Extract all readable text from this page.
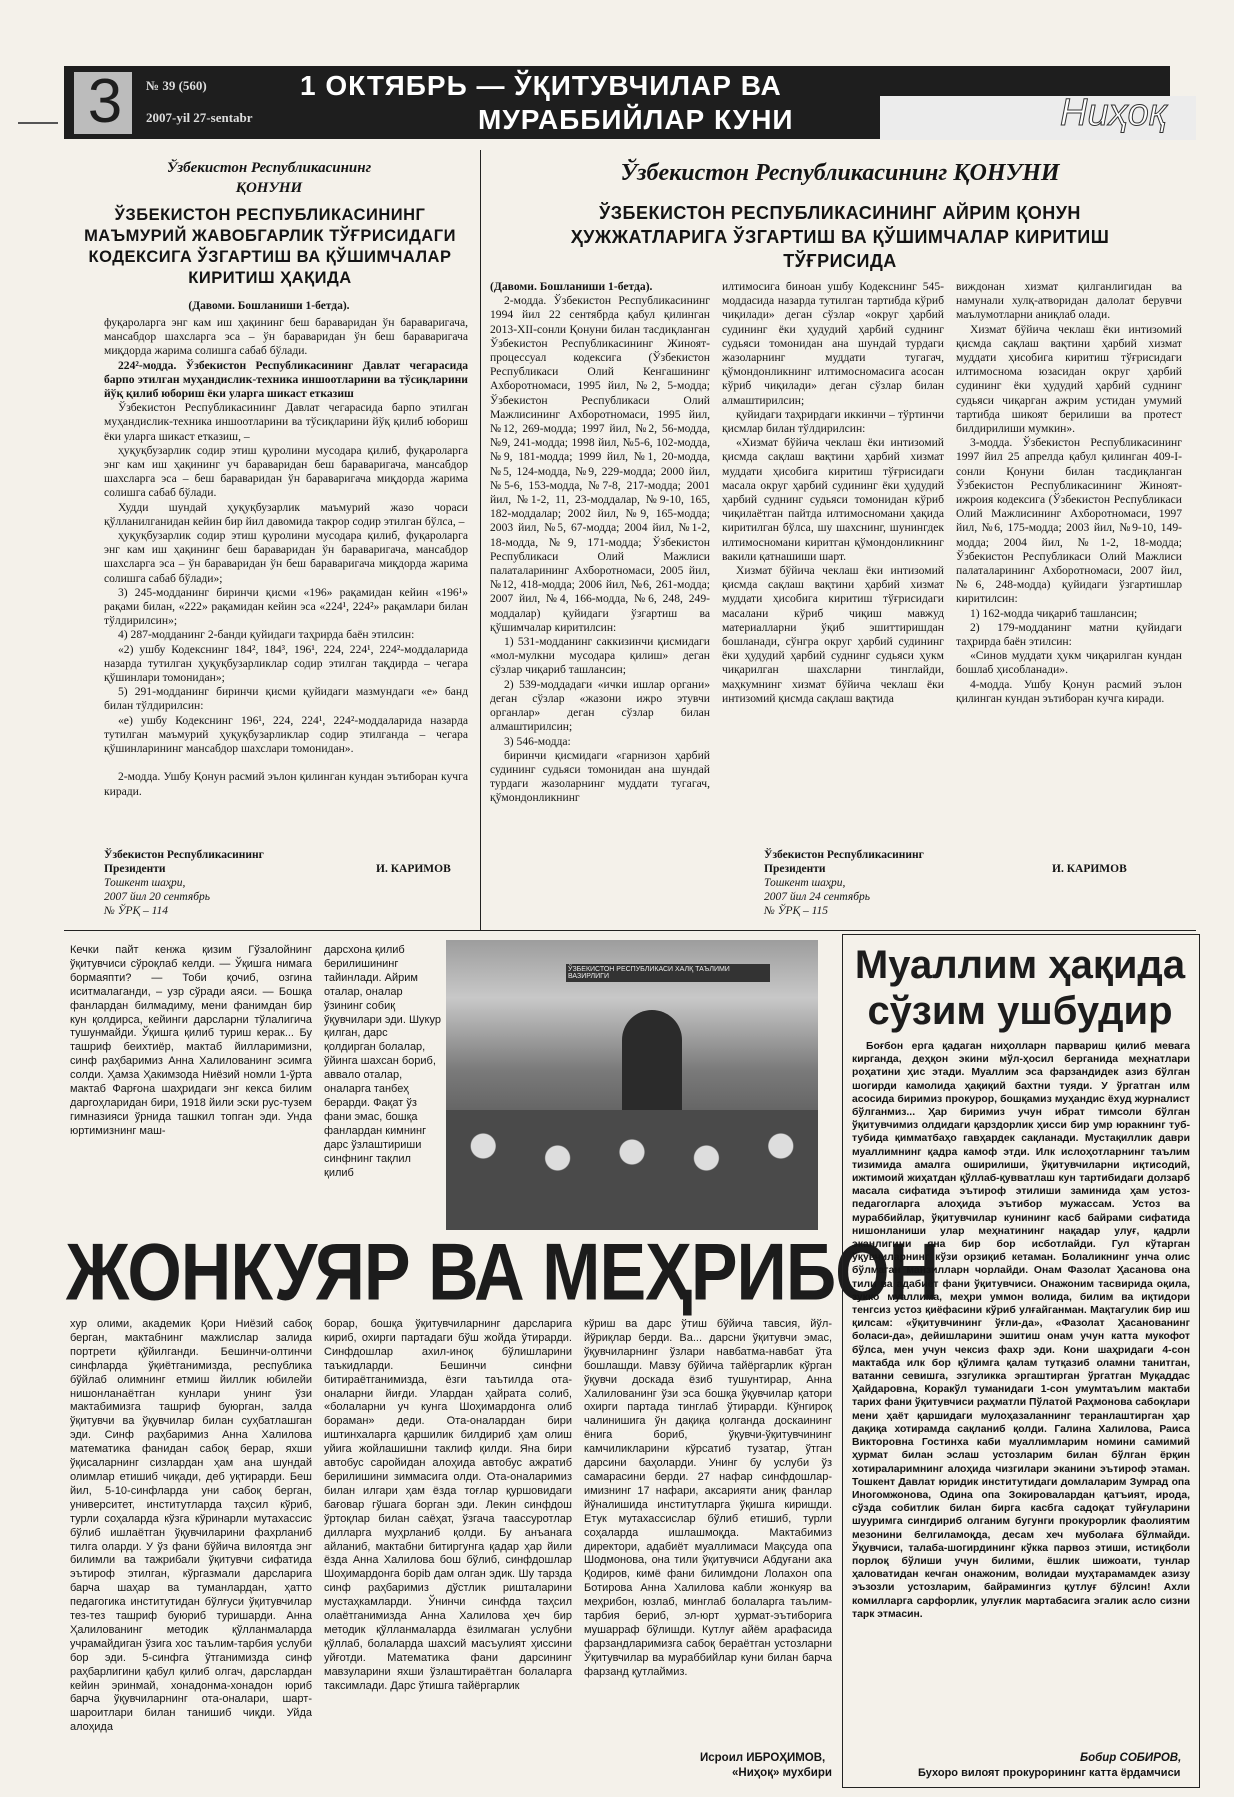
3	№ 39 (560)
2007-yil 27-sentabr
1 ОКТЯБРЬ — ЎҚИТУВЧИЛАР ВА
МУРАББИЙЛАР КУНИ	Ниҳоқ
Ўзбекистон Республикасининг
ҚОНУНИ
ЎЗБЕКИСТОН РЕСПУБЛИКАСИНИНГ МАЪМУРИЙ ЖАВОБГАРЛИК ТЎҒРИСИДАГИ КОДЕКСИГА ЎЗГАРТИШ ВА ҚЎШИМЧАЛАР КИРИТИШ ҲАҚИДА
(Давоми. Бошланиши 1-бетда).

фуқароларга энг кам иш ҳақининг беш бараваридан ўн бараваригача, мансабдор шахсларга эса – ўн бараваридан ўн беш бараваригача миқдорда жарима солишга сабаб бўлади.

224²-модда. Ўзбекистон Республикасининг Давлат чегарасида барпо этилган муҳандислик-техника иншоотларини ва тўсиқларини йўқ қилиб юбориш ёки уларга шикаст етказиш

Ўзбекистон Республикасининг Давлат чегарасида барпо этилган муҳандислик-техника иншоотларини ва тўсиқларини йўқ қилиб юбориш ёки уларга шикаст етказиш, –

ҳуқуқбузарлик содир этиш қуролини мусодара қилиб, фуқароларга энг кам иш ҳақининг уч бараваридан беш бараваригача, мансабдор шахсларга эса – беш бараваридан ўн бараваригача миқдорда жарима солишга сабаб бўлади.

Худди шундай ҳуқуқбузарлик маъмурий жазо чораси қўлланилганидан кейин бир йил давомида такрор содир этилган бўлса, –

ҳуқуқбузарлик содир этиш қуролини мусодара қилиб, фуқароларга энг кам иш ҳақининг беш бараваридан ўн бараваригача, мансабдор шахсларга эса – ўн бараваридан ўн беш бараваригача миқдорда жарима солишга сабаб бўлади»;

3) 245-модданинг биринчи қисми «196» рақамидан кейин «196¹» рақами билан, «222» рақамидан кейин эса «224¹, 224²» рақамлари билан тўлдирилсин»;

4) 287-модданинг 2-банди қуйидаги таҳрирда баён этилсин:

«2) ушбу Кодекснинг 184², 184³, 196¹, 224, 224¹, 224²-моддаларида назарда тутилган ҳуқуқбузарликлар содир этилган тақдирда – чегара қўшинлари томонидан»;

5) 291-модданинг биринчи қисми қуйидаги мазмундаги «е» банд билан тўлдирилсин:

«е) ушбу Кодекснинг 196¹, 224, 224¹, 224²-моддаларида назарда тутилган маъмурий ҳуқуқбузарликлар содир этилганда – чегара қўшинларининг мансабдор шахслари томонидан».

2-модда. Ушбу Қонун расмий эълон қилинган кундан эътиборан кучга киради.

Ўзбекистон Республикасининг
Президенти	И. КАРИМОВ
Тошкент шаҳри,
2007 йил 20 сентябрь
№ ЎРҚ – 114
Ўзбекистон Республикасининг ҚОНУНИ
ЎЗБЕКИСТОН РЕСПУБЛИКАСИНИНГ АЙРИМ ҚОНУН
ҲУЖЖАТЛАРИГА ЎЗГАРТИШ ВА ҚЎШИМЧАЛАР КИРИТИШ
ТЎҒРИСИДА

(Давоми. Бошланиши 1-бетда).

2-модда. Ўзбекистон Республикасининг 1994 йил 22 сентябрда қабул қилинган 2013-XII-сонли Қонуни билан тасдиқланган Ўзбекистон Республикасининг Жиноят-процессуал кодексига (Ўзбекистон Республикаси Олий Кенгашининг Ахборотномаси, 1995 йил, №2, 5-модда; Ўзбекистон Республикаси Олий Мажлисининг Ахборотномаси, 1995 йил, №12, 269-модда; 1997 йил, №2, 56-модда, №9, 241-модда; 1998 йил, №5-6, 102-модда, №9, 181-модда; 1999 йил, №1, 20-модда, №5, 124-модда, №9, 229-модда; 2000 йил, №5-6, 153-модда, №7-8, 217-модда; 2001 йил, №1-2, 11, 23-моддалар, №9-10, 165, 182-моддалар; 2002 йил, №9, 165-модда; 2003 йил, №5, 67-модда; 2004 йил, №1-2, 18-модда, №9, 171-модда; Ўзбекистон Республикаси Олий Мажлиси палаталарининг Ахборотномаси, 2005 йил, №12, 418-модда; 2006 йил, №6, 261-модда; 2007 йил, №4, 166-модда, №6, 248, 249-моддалар) қуйидаги ўзгартиш ва қўшимчалар киритилсин:

1) 531-модданинг саккизинчи қисмидаги «мол-мулкни мусодара қилиш» деган сўзлар чиқариб ташлансин;

2) 539-моддадаги «ички ишлар органи» деган сўзлар «жазони ижро этувчи органлар» деган сўзлар билан алмаштирилсин;

3) 546-модда:

биринчи қисмидаги «гарнизон ҳарбий судининг судьяси томонидан ана шундай турдаги жазоларнинг муддати тугагач, қўмондонликнинг

илтимосига биноан ушбу Кодекснинг 545-моддасида назарда тутилган тартибда кўриб чиқилади» деган сўзлар «округ ҳарбий судининг ёки ҳудудий ҳарбий суднинг судьяси томонидан ана шундай турдаги жазоларнинг муддати тугагач, қўмондонликнинг илтимосномасига асосан кўриб чиқилади» деган сўзлар билан алмаштирилсин;

қуйидаги таҳрирдаги иккинчи – тўртинчи қисмлар билан тўлдирилсин:

«Хизмат бўйича чеклаш ёки интизомий қисмда сақлаш вақтини ҳарбий хизмат муддати ҳисобига киритиш тўғрисидаги масала округ ҳарбий судининг ёки ҳудудий ҳарбий суднинг судьяси томонидан кўриб чиқилаётган пайтда илтимосномани ҳақида киритилган бўлса, шу шахснинг, шунингдек илтимосномани киритган қўмондонликнинг вакили қатнашиши шарт.

Хизмат бўйича чеклаш ёки интизомий қисмда сақлаш вақтини ҳарбий хизмат муддати ҳисобига киритиш тўғрисидаги масалани кўриб чиқиш мавжуд материалларни ўқиб эшиттиришдан бошланади, сўнгра округ ҳарбий судининг ёки ҳудудий ҳарбий суднинг судьяси ҳукм чиқарилган шахсларни тинглайди, маҳкумнинг хизмат бўйича чеклаш ёки интизомий қисмда сақлаш вақтида

виждонан хизмат қилганлигидан ва намунали хулқ-атворидан далолат берувчи маълумотларни аниқлаб олади.

Хизмат бўйича чеклаш ёки интизомий қисмда сақлаш вақтини ҳарбий хизмат муддати ҳисобига киритиш тўғрисидаги илтимоснома юзасидан округ ҳарбий судининг ёки ҳудудий ҳарбий суднинг судьяси чиқарган ажрим устидан умумий тартибда шикоят берилиши ва протест билдирилиши мумкин».

3-модда. Ўзбекистон Республикасининг 1997 йил 25 апрелда қабул қилинган 409-I-сонли Қонуни билан тасдиқланган Ўзбекистон Республикасининг Жиноят-ижроия кодексига (Ўзбекистон Республикаси Олий Мажлисининг Ахборотномаси, 1997 йил, №6, 175-модда; 2003 йил, №9-10, 149-модда; 2004 йил, №1-2, 18-модда; Ўзбекистон Республикаси Олий Мажлиси палаталарининг Ахборотномаси, 2007 йил, №6, 248-модда) қуйидаги ўзгартишлар киритилсин:

1) 162-модда чиқариб ташлансин;

2) 179-модданинг матни қуйидаги таҳрирда баён этилсин:

«Синов муддати ҳукм чиқарилган кундан бошлаб ҳисобланади».

4-модда. Ушбу Қонун расмий эълон қилинган кундан эътиборан кучга киради.

Ўзбекистон Республикасининг
Президенти	И. КАРИМОВ
Тошкент шаҳри,
2007 йил 24 сентябрь
№ ЎРҚ – 115
Кечки пайт кенжа қизим Гўзалойнинг ўқитувчиси сўроқлаб келди. — Ўқишга нимага бормаяпти? — Тоби қочиб, озгина иситмалаганди, – узр сўради аяси. — Бошқа фанлардан билмадиму, мени фанимдан бир кун қолдирса, кейинги дарсларни тўлалигича тушунмайди. Ўқишга қилиб туриш керак... Бу ташриф беихтиёр, мактаб йилларимизни, синф раҳбаримиз Анна Халилованинг эсимга солди. Ҳамза Ҳакимзода Ниёзий номли 1-ўрта мактаб Фарғона шаҳридаги энг кекса билим даргоҳларидан бири, 1918 йили эски рус-тузем гимназияси ўрнида ташкил топган эди. Унда юртимизнинг маш-
дарсхона қилиб берилишининг тайинлади. Айрим оталар, оналар ўзининг собиқ ўқувчилари эди. Шукур қилган, дарс қолдирган болалар, ўйинга шахсан бориб, аввало оталар, оналарга танбеҳ берарди. Фақат ўз фани эмас, бошқа фанлардан кимнинг дарс ўзлаштириши синфнинг тақлил қилиб
ЎЗБЕКИСТОН РЕСПУБЛИКАСИ ХАЛҚ ТАЪЛИМИ ВАЗИРЛИГИ
ЖОНКУЯР ВА МЕҲРИБОН
хур олими, академик Қори Ниёзий сабоқ берган, мактабнинг мажлислар залида портрети қўйилганди. Бешинчи-олтинчи синфларда ўқиётганимизда, республика бўйлаб олимнинг етмиш йиллик юбилейи нишонланаётган кунлари унинг ўзи мактабимизга ташриф буюрган, залда ўқитувчи ва ўқувчилар билан суҳбатлашган эди. Синф раҳбаримиз Анна Халилова математика фанидан сабоқ берар, яхши ўқисаларнинг сизлардан ҳам ана шундай олимлар етишиб чиқади, деб уқтирарди. Беш йил, 5-10-синфларда уни сабоқ берган, университет, институтларда таҳсил кўриб, турли соҳаларда кўзга кўринарли мутахассис бўлиб ишлаётган ўқувчиларини фахрланиб тилга оларди. У ўз фани бўйича вилоятда энг билимли ва тажрибали ўқитувчи сифатида эътироф этилган, кўргазмали дарсларига барча шаҳар ва туманлардан, ҳатто педагогика институтидан бўлғуси ўқитувчилар тез-тез ташриф буюриб туришарди. Анна Ҳалилованинг методик қўлланмаларда учрамайдиган ўзига хос таълим-тарбия услуби бор эди. 5-синфга ўтганимизда синф раҳбарлигини қабул қилиб олгач, дарслардан кейин эринмай, хонадонма-хонадон юриб барча ўқувчиларнинг ота-оналари, шарт-шароитлари билан танишиб чиқди. Уйда алоҳида
борар, бошқа ўқитувчиларнинг дарсларига кириб, охирги партадаги бўш жойда ўтирарди. Синфдошлар ахил-иноқ бўлишларини таъкидларди. Бешинчи синфни битираётганимизда, ёзги таътилда ота-оналарни йиғди. Улардан ҳайрата солиб, «болаларни уч кунга Шоҳимардонга олиб бораман» деди. Ота-оналардан бири иштинхаларга қаршилик билдириб ҳам олиш уйига жойлашишни таклиф қилди. Яна бири автобус саройидан алоҳида автобус ажратиб берилишини зиммасига олди. Ота-оналаримиз билан илгари ҳам ёзда тоғлар қуршовидаги бағовар гўшага борган эди. Лекин синфдош ўртоқлар билан саёҳат, ўзгача таассуротлар дилларга муҳрланиб қолди. Бу анъанага айланиб, мактабни битиргунга қадар ҳар йили ёзда Анна Халилова бош бўлиб, синфдошлар Шоҳимардонга борib дам олган эдик. Шу тарзда синф раҳбаримиз дўстлик ришталарини мустаҳкамларди. Ўнинчи синфда таҳсил олаётганимизда Анна Халилова ҳеч бир методик қўлланмаларда ёзилмаган услубни қўллаб, болаларда шахсий масъулият ҳиссини уйғотди. Математика фани дарсининг мавзуларини яхши ўзлаштираётган болаларга таксимлади. Дарс ўтишга тайёргарлик
кўриш ва дарс ўтиш бўйича тавсия, йўл-йўриқлар берди. Ва... дарсни ўқитувчи эмас, ўқувчиларнинг ўзлари навбатма-навбат ўта бошлашди. Мавзу бўйича тайёргарлик кўрган ўқувчи доскада ёзиб тушунтирар, Анна Халилованинг ўзи эса бошқа ўқувчилар қатори охирги партада тинглаб ўтирарди. Кўнгироқ чалинишига ўн дақиқа қолганда доскаининг ёнига бориб, ўқувчи-ўқитувчининг камчиликларини кўрсатиб тузатар, ўтган дарсини баҳоларди. Унинг бу услуби ўз самарасини берди. 27 нафар синфдошларимизнинг 17 нафари, аксарияти аниқ фанлар йўналишида институтларга ўқишга киришди. Етук мутахассислар бўлиб етишиб, турли соҳаларда ишлашмоқда. Мактабимиз директори, адабиёт муаллимаси Мақсуда опа Шодмонова, она тили ўқитувчиси Абдуғани ака Қодиров, кимё фани билимдони Лолахон опа Ботирова Анна Халилова кабли жонкуяр ва меҳрибон, юзлаб, минглаб болаларга таълим-тарбия бериб, эл-юрт ҳурмат-эътиборига мушарраф бўлишди. Кутлуғ айём арафасида фарзандларимизга сабоқ бераётган устозларни Ўқитувчилар ва мураббийлар куни билан барча фарзанд қутлаймиз.
Исроил ИБРОҲИМОВ,
«Ниҳоқ» мухбири
Муаллим ҳақида
сўзим ушбудир
Боғбон ерга қадаган ниҳолларн парвариш қилиб мевага кирганда, деҳқон экини мўл-ҳосил берганида меҳнатлари роҳатини ҳис этади. Муаллим эса фарзандидек азиз бўлган шогирди камолида ҳақиқий бахтни туяди. У ўргатган илм асосида биримиз прокурор, бошқамиз муҳандис ёхуд журналист бўлганмиз... Ҳар биримиз учун ибрат тимсоли бўлган ўқитувчимиз олдидаги қарздорлик ҳисси бир умр юракнинг туб-тубида қимматбаҳо гавҳардек сақланади. Мустақиллик даври муаллимнинг қадра камоф этди. Илк ислоҳотларнинг таълим тизимида амалга оширилиши, ўқитувчиларни иқтисодий, ижтимоий жиҳатдан қўллаб-қувватлаш кун тартибидаги долзарб масала сифатида эътироф этилиши заминида ҳам устоз-педагогларга алоҳида эътибор мужассам. Устоз ва мураббийлар, ўқитувчилар кунининг касб байрами сифатида нишонланиши улар меҳнатининг нақадар улуғ, қадрли эканлигини яна бир бор исботлайди. Гул кўтарган ўқувчиларнинг кўзи орзиқиб кетаман. Болаликнинг унча олис бўлмаган манзилларн чорлайди. Онам Фазолат Ҳасанова она тили ва адабиёт фани ўқитувчиси. Онажоним тасвирида оқила, зукко муаллима, меҳри уммон волида, билим ва иқтидори тенгсиз устоз қиёфасини кўриб улғайганман. Мақтагулик бир иш қилсам: «ўқитувчининг ўғли-да», «Фазолат Ҳасанованинг боласи-да», дейишларини эшитиш онам учун катта мукофот бўлса, мен учун чексиз фахр эди. Кони шаҳридаги 4-сон мактабда илк бор қўлимга қалам тутқазиб оламни танитган, ватанни севишга, эзгуликка эргаштирган ўргатган Муқаддас Ҳайдаровна, Коракўл туманидаги 1-сон умумтаълим мактаби тарих фани ўқитувчиси раҳматли Пўлатой Раҳмонова сабоқлари мени ҳаёт қаршидаги мулоҳазаланнинг теранлаштирган ҳар дақиқа хотирамда сақланиб қолди. Галина Халилова, Раиса Викторовна Гостинха каби муаллимларим номини самимий ҳурмат билан эслаш устозларим билан бўлган ёрқин хотираларимнинг алоҳида чизгилари эканини эътироф этаман. Тошкент Давлат юридик институтидаги домлаларим Зумрад опа Иногомжонова, Одина опа Зокировалардан қатъият, ирода, сўзда собитлик билан бирга касбга садоқат туйғуларини шууримга сингдириб олганим бугунги прокурорлик фаолиятим мезонини белгиламоқда, десам хеч муболаға бўлмайди. Ўқувчиси, талаба-шогирдининг кўкка парвоз этиши, истиқболи порлоқ бўлиши учун билими, ёшлик шижоати, тунлар ҳаловатидан кечган онажоним, волидаи муҳтарамамдек азизу эъзозли устозларим, байрамингиз қутлуғ бўлсин! Ахли комилларга сарфорлик, улуғлик мартабасига эгалик асло сизни тарк этмасин.
Бобир СОБИРОВ,
Бухоро вилоят прокурорининг катта ёрдамчиси
